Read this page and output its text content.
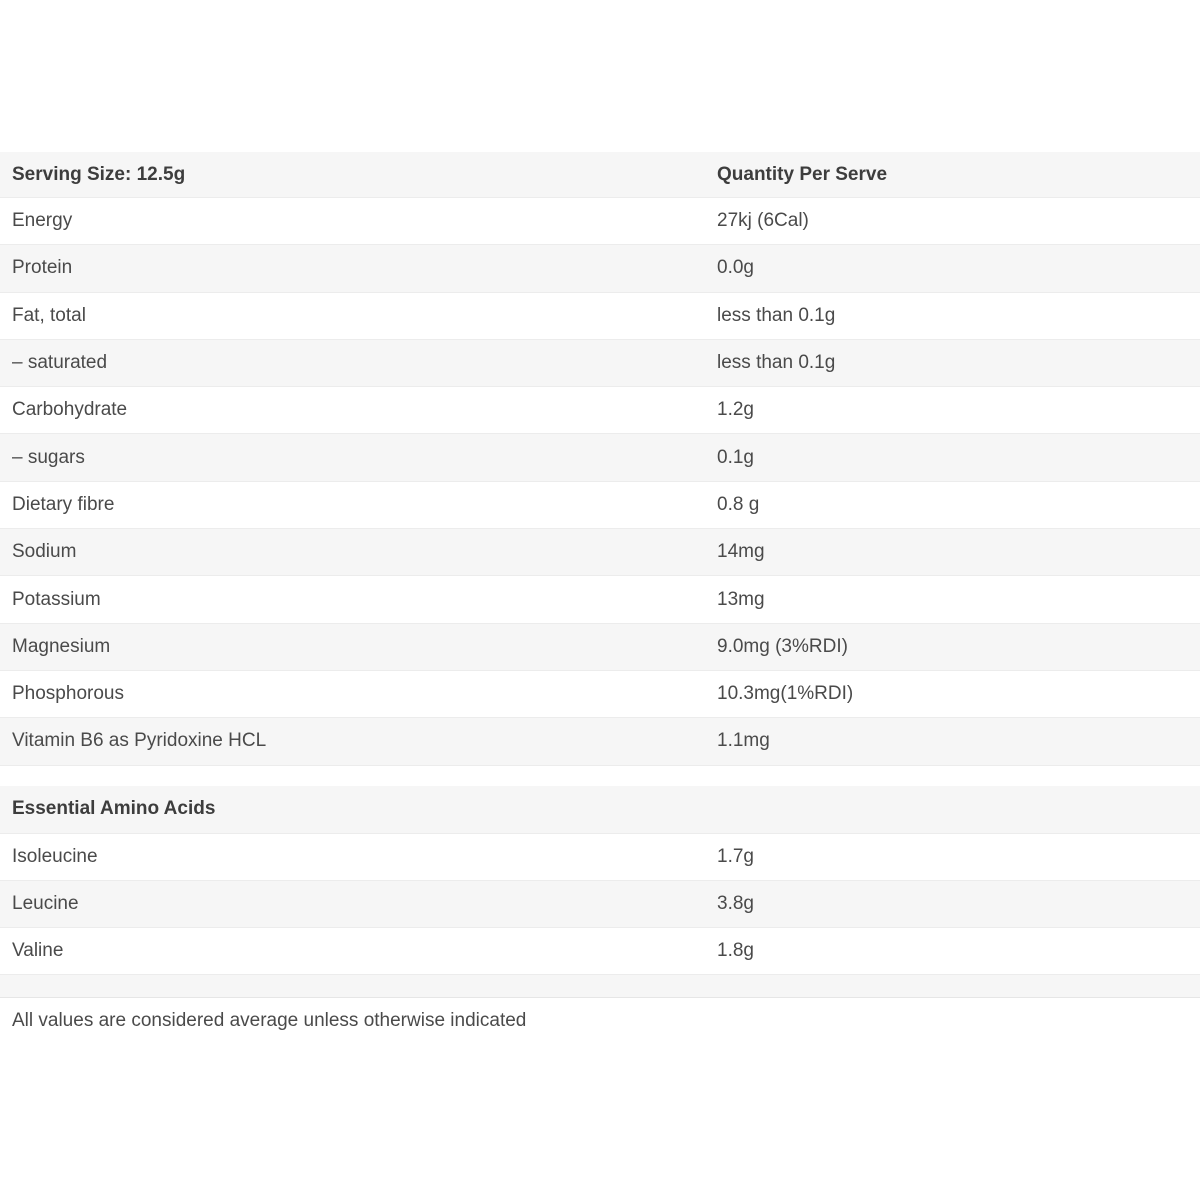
Serving Size: 12.5g	Quantity Per Serve
Energy	27kj (6Cal)
Protein	0.0g
Fat, total	less than 0.1g
– saturated	less than 0.1g
Carbohydrate	1.2g
– sugars	0.1g
Dietary fibre	0.8 g
Sodium	14mg
Potassium	13mg
Magnesium	9.0mg (3%RDI)
Phosphorous	10.3mg(1%RDI)
Vitamin B6 as Pyridoxine HCL	1.1mg
Essential Amino Acids
Isoleucine	1.7g
Leucine	3.8g
Valine	1.8g
All values are considered average unless otherwise indicated
